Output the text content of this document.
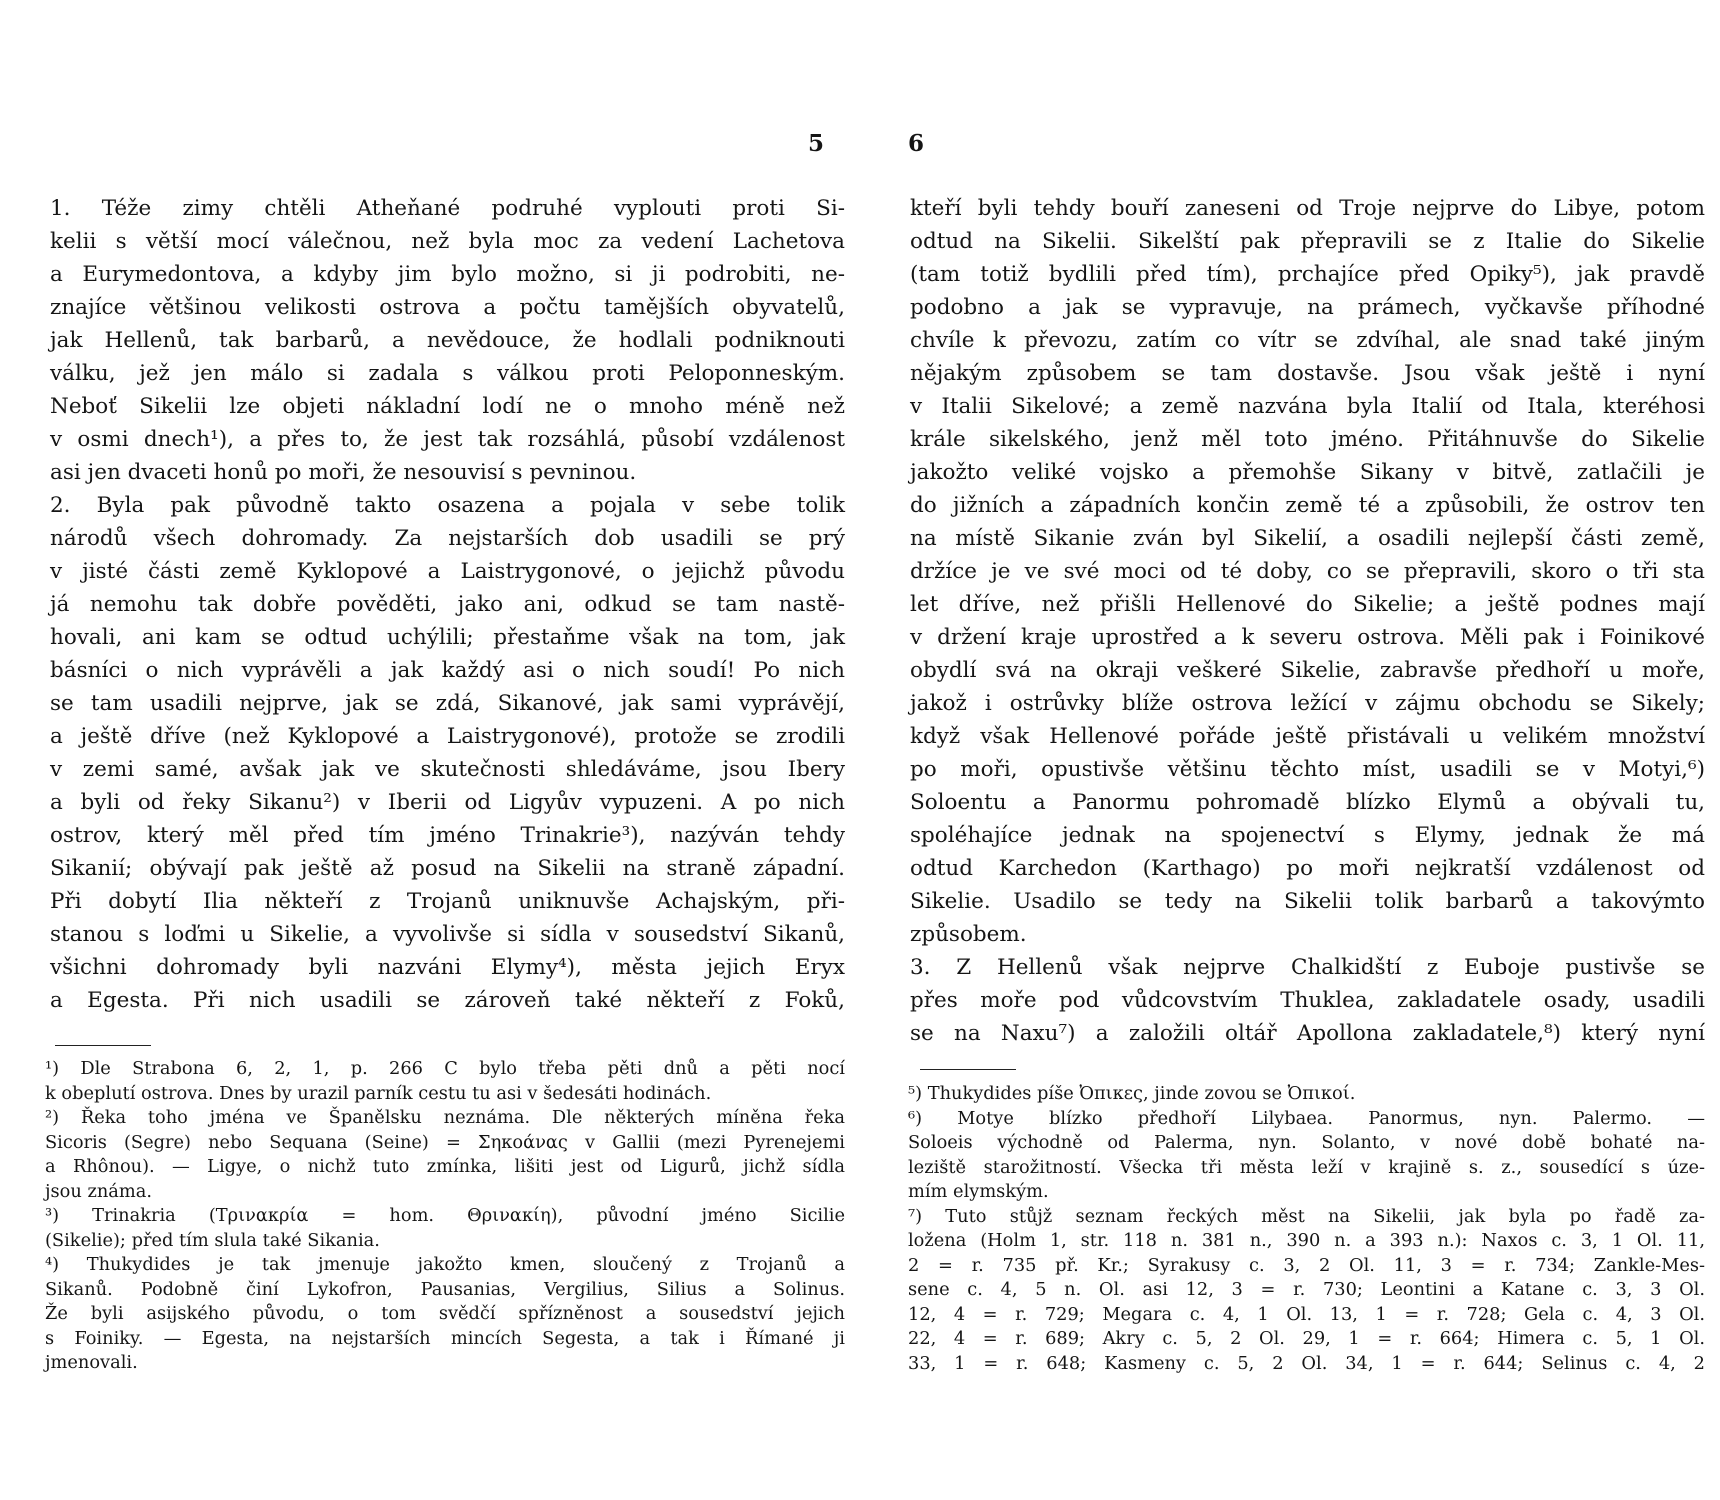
5
1. Téže zimy chtěli Atheňané podruhé vyplouti proti Si-
kelii s větší mocí válečnou, než byla moc za vedení Lachetova
a Eurymedontova, a kdyby jim bylo možno, si ji podrobiti, ne-
znajíce většinou velikosti ostrova a počtu tamějších obyvatelů,
jak Hellenů, tak barbarů, a nevědouce, že hodlali podniknouti
válku, jež jen málo si zadala s válkou proti Peloponneským.
Neboť Sikelii lze objeti nákladní lodí ne o mnoho méně než
v osmi dnech¹), a přes to, že jest tak rozsáhlá, působí vzdálenost
asi jen dvaceti honů po moři, že nesouvisí s pevninou.
2. Byla pak původně takto osazena a pojala v sebe tolik
národů všech dohromady. Za nejstarších dob usadili se prý
v jisté části země Kyklopové a Laistrygonové, o jejichž původu
já nemohu tak dobře pověděti, jako ani, odkud se tam nastě-
hovali, ani kam se odtud uchýlili; přestaňme však na tom, jak
básníci o nich vyprávěli a jak každý asi o nich soudí! Po nich
se tam usadili nejprve, jak se zdá, Sikanové, jak sami vyprávějí,
a ještě dříve (než Kyklopové a Laistrygonové), protože se zrodili
v zemi samé, avšak jak ve skutečnosti shledáváme, jsou Ibery
a byli od řeky Sikanu²) v Iberii od Ligyův vypuzeni. A po nich
ostrov, který měl před tím jméno Trinakrie³), nazýván tehdy
Sikanií; obývají pak ještě až posud na Sikelii na straně západní.
Při dobytí Ilia někteří z Trojanů uniknuvše Achajským, při-
stanou s loďmi u Sikelie, a vyvolivše si sídla v sousedství Sikanů,
všichni dohromady byli nazváni Elymy⁴), města jejich Eryx
a Egesta. Při nich usadili se zároveň také někteří z Foků,
¹) Dle Strabona 6, 2, 1, p. 266 C bylo třeba pěti dnů a pěti nocí
k obeplutí ostrova. Dnes by urazil parník cestu tu asi v šedesáti hodinách.
²) Řeka toho jména ve Španělsku neznáma. Dle některých míněna řeka
Sicoris (Segre) nebo Sequana (Seine) = Σηκοάνας v Gallii (mezi Pyrenejemi
a Rhônou). — Ligye, o nichž tuto zmínka, lišiti jest od Ligurů, jichž sídla
jsou známa.
³) Trinakria (Τρινακρία = hom. Θρινακίη), původní jméno Sicilie
(Sikelie); před tím slula také Sikania.
⁴) Thukydides je tak jmenuje jakožto kmen, sloučený z Trojanů a
Sikanů. Podobně činí Lykofron, Pausanias, Vergilius, Silius a Solinus.
Že byli asijského původu, o tom svědčí spřízněnost a sousedství jejich
s Foiniky. — Egesta, na nejstarších mincích Segesta, a tak i Římané ji
jmenovali.
6
kteří byli tehdy bouří zaneseni od Troje nejprve do Libye, potom
odtud na Sikelii. Sikelští pak přepravili se z Italie do Sikelie
(tam totiž bydlili před tím), prchajíce před Opiky⁵), jak pravdě
podobno a jak se vypravuje, na prámech, vyčkavše příhodné
chvíle k převozu, zatím co vítr se zdvíhal, ale snad také jiným
nějakým způsobem se tam dostavše. Jsou však ještě i nyní
v Italii Sikelové; a země nazvána byla Italií od Itala, kteréhosi
krále sikelského, jenž měl toto jméno. Přitáhnuvše do Sikelie
jakožto veliké vojsko a přemohše Sikany v bitvě, zatlačili je
do jižních a západních končin země té a způsobili, že ostrov ten
na místě Sikanie zván byl Sikelií, a osadili nejlepší části země,
držíce je ve své moci od té doby, co se přepravili, skoro o tři sta
let dříve, než přišli Hellenové do Sikelie; a ještě podnes mají
v držení kraje uprostřed a k severu ostrova. Měli pak i Foinikové
obydlí svá na okraji veškeré Sikelie, zabravše předhoří u moře,
jakož i ostrůvky blíže ostrova ležící v zájmu obchodu se Sikely;
když však Hellenové pořáde ještě přistávali u velikém množství
po moři, opustivše většinu těchto míst, usadili se v Motyi,⁶)
Soloentu a Panormu pohromadě blízko Elymů a obývali tu,
spoléhajíce jednak na spojenectví s Elymy, jednak že má
odtud Karchedon (Karthago) po moři nejkratší vzdálenost od
Sikelie. Usadilo se tedy na Sikelii tolik barbarů a takovýmto
způsobem.
3. Z Hellenů však nejprve Chalkidští z Euboje pustivše se
přes moře pod vůdcovstvím Thuklea, zakladatele osady, usadili
se na Naxu⁷) a založili oltář Apollona zakladatele,⁸) který nyní
⁵) Thukydides píše Ὀπικες, jinde zovou se Ὀπικοί.
⁶) Motye blízko předhoří Lilybaea. Panormus, nyn. Palermo. —
Soloeis východně od Palerma, nyn. Solanto, v nové době bohaté na-
leziště starožitností. Všecka tři města leží v krajině s. z., sousedící s úze-
mím elymským.
⁷) Tuto stůjž seznam řeckých měst na Sikelii, jak byla po řadě za-
ložena (Holm 1, str. 118 n. 381 n., 390 n. a 393 n.): Naxos c. 3, 1 Ol. 11,
2 = r. 735 př. Kr.; Syrakusy c. 3, 2 Ol. 11, 3 = r. 734; Zankle-Mes-
sene c. 4, 5 n. Ol. asi 12, 3 = r. 730; Leontini a Katane c. 3, 3 Ol.
12, 4 = r. 729; Megara c. 4, 1 Ol. 13, 1 = r. 728; Gela c. 4, 3 Ol.
22, 4 = r. 689; Akry c. 5, 2 Ol. 29, 1 = r. 664; Himera c. 5, 1 Ol.
33, 1 = r. 648; Kasmeny c. 5, 2 Ol. 34, 1 = r. 644; Selinus c. 4, 2
